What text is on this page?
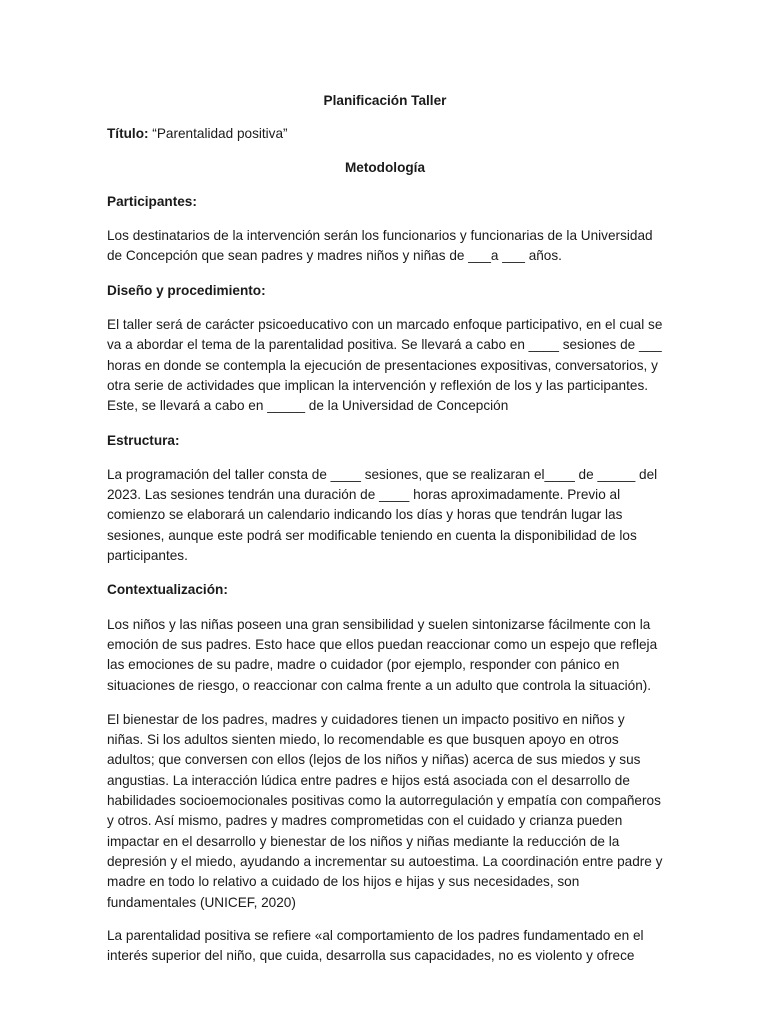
Planificación Taller

Título: “Parentalidad positiva”

Metodología

Participantes:

Los destinatarios de la intervención serán los funcionarios y funcionarias de la Universidad de Concepción que sean padres y madres niños y niñas de ___a ___ años.

Diseño y procedimiento:

El taller será de carácter psicoeducativo con un marcado enfoque participativo, en el cual se va a abordar el tema de la parentalidad positiva. Se llevará a cabo en ____ sesiones de ___ horas en donde se contempla la ejecución de presentaciones expositivas, conversatorios, y otra serie de actividades que implican la intervención y reflexión de los y las participantes. Este, se llevará a cabo en _____ de la Universidad de Concepción

Estructura:

La programación del taller consta de ____ sesiones, que se realizaran el____ de _____ del 2023. Las sesiones tendrán una duración de ____ horas aproximadamente. Previo al comienzo se elaborará un calendario indicando los días y horas que tendrán lugar las sesiones, aunque este podrá ser modificable teniendo en cuenta la disponibilidad de los participantes.

Contextualización:

Los niños y las niñas poseen una gran sensibilidad y suelen sintonizarse fácilmente con la emoción de sus padres. Esto hace que ellos puedan reaccionar como un espejo que refleja las emociones de su padre, madre o cuidador (por ejemplo, responder con pánico en situaciones de riesgo, o reaccionar con calma frente a un adulto que controla la situación).

El bienestar de los padres, madres y cuidadores tienen un impacto positivo en niños y niñas. Si los adultos sienten miedo, lo recomendable es que busquen apoyo en otros adultos; que conversen con ellos (lejos de los niños y niñas) acerca de sus miedos y sus angustias. La interacción lúdica entre padres e hijos está asociada con el desarrollo de habilidades socioemocionales positivas como la autorregulación y empatía con compañeros y otros. Así mismo, padres y madres comprometidas con el cuidado y crianza pueden impactar en el desarrollo y bienestar de los niños y niñas mediante la reducción de la depresión y el miedo, ayudando a incrementar su autoestima. La coordinación entre padre y madre en todo lo relativo a cuidado de los hijos e hijas y sus necesidades, son fundamentales (UNICEF, 2020)

La parentalidad positiva se refiere «al comportamiento de los padres fundamentado en el interés superior del niño, que cuida, desarrolla sus capacidades, no es violento y ofrece
